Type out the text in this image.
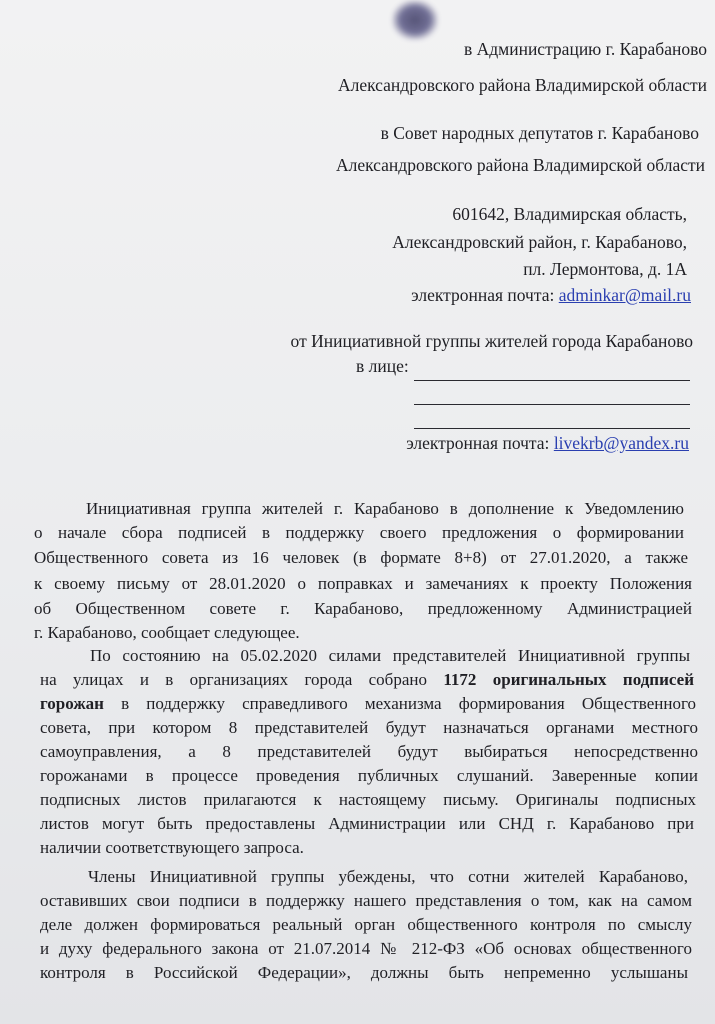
в Администрацию г. Карабаново
Александровского района Владимирской области
в Совет народных депутатов г. Карабаново
Александровского района Владимирской области
601642, Владимирская область,
Александровский район, г. Карабаново,
пл. Лермонтова, д. 1А
электронная почта: adminkar@mail.ru
от Инициативной группы жителей города Карабаново
в лице:
электронная почта: livekrb@yandex.ru
Инициативная группа жителей г. Карабаново в дополнение к Уведомлению
о начале сбора подписей в поддержку своего предложения о формировании
Общественного совета из 16 человек (в формате 8+8) от 27.01.2020, а также
к своему письму от 28.01.2020 о поправках и замечаниях к проекту Положения
об Общественном совете г. Карабаново, предложенному Администрацией
г. Карабаново, сообщает следующее.
По состоянию на 05.02.2020 силами представителей Инициативной группы
на улицах и в организациях города собрано 1172 оригинальных подписей
горожан в поддержку справедливого механизма формирования Общественного
совета, при котором 8 представителей будут назначаться органами местного
самоуправления, а 8 представителей будут выбираться непосредственно
горожанами в процессе проведения публичных слушаний. Заверенные копии
подписных листов прилагаются к настоящему письму. Оригиналы подписных
листов могут быть предоставлены Администрации или СНД г. Карабаново при
наличии соответствующего запроса.
Члены Инициативной группы убеждены, что сотни жителей Карабаново,
оставивших свои подписи в поддержку нашего представления о том, как на самом
деле должен формироваться реальный орган общественного контроля по смыслу
и духу федерального закона от 21.07.2014 № 212-ФЗ «Об основах общественного
контроля в Российской Федерации», должны быть непременно услышаны
